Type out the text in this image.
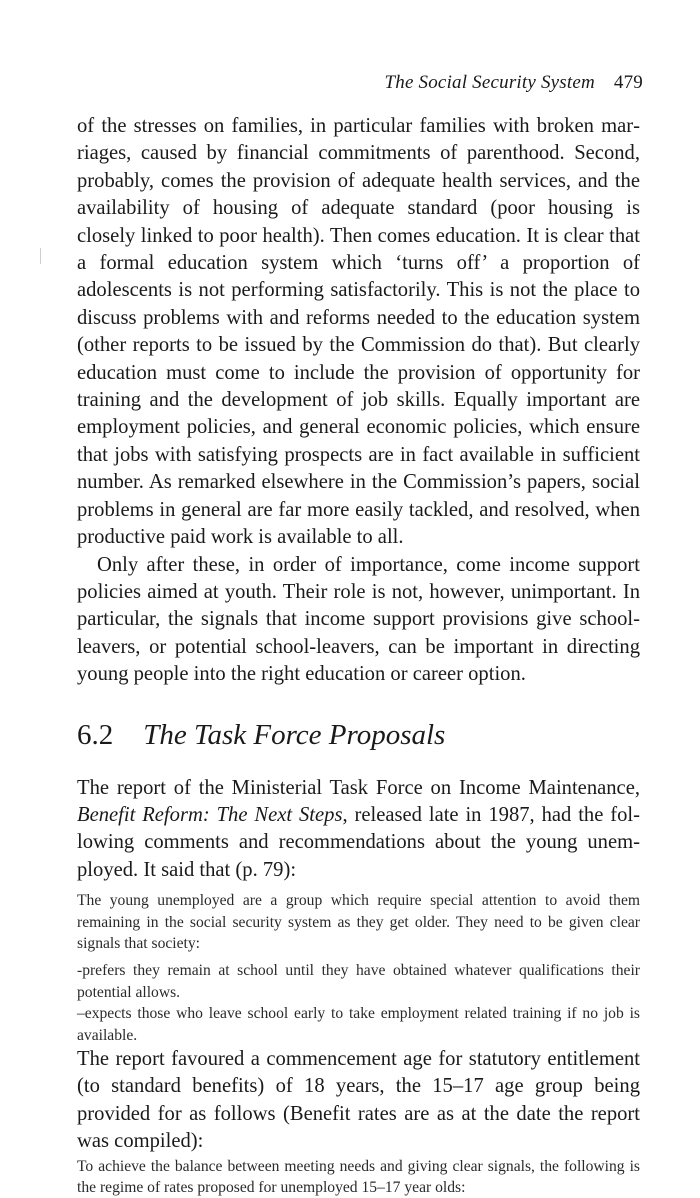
The Social Security System 479

of the stresses on families, in particular families with broken marriages, caused by financial commitments of parenthood. Second, probably, comes the provision of adequate health services, and the availability of housing of adequate standard (poor housing is closely linked to poor health). Then comes education. It is clear that a formal education system which ‘turns off’ a proportion of adolescents is not performing satisfactorily. This is not the place to discuss problems with and reforms needed to the education system (other reports to be issued by the Commission do that). But clearly education must come to include the provision of opportunity for training and the development of job skills. Equally important are employment policies, and general economic policies, which ensure that jobs with satisfying prospects are in fact available in sufficient number. As remarked elsewhere in the Commission’s papers, social problems in general are far more easily tackled, and resolved, when productive paid work is available to all.

Only after these, in order of importance, come income support policies aimed at youth. Their role is not, however, unimportant. In particular, the signals that income support provisions give school-leavers, or potential school-leavers, can be important in directing young people into the right education or career option.

6.2 The Task Force Proposals

The report of the Ministerial Task Force on Income Maintenance, Benefit Reform: The Next Steps, released late in 1987, had the following comments and recommendations about the young unemployed. It said that (p. 79):

The young unemployed are a group which require special attention to avoid them remaining in the social security system as they get older. They need to be given clear signals that society:

-prefers they remain at school until they have obtained whatever qualifications their potential allows.

–expects those who leave school early to take employment related training if no job is available.

The report favoured a commencement age for statutory entitlement (to standard benefits) of 18 years, the 15–17 age group being provided for as follows (Benefit rates are as at the date the report was compiled):

To achieve the balance between meeting needs and giving clear signals, the following is the regime of rates proposed for unemployed 15–17 year olds:
